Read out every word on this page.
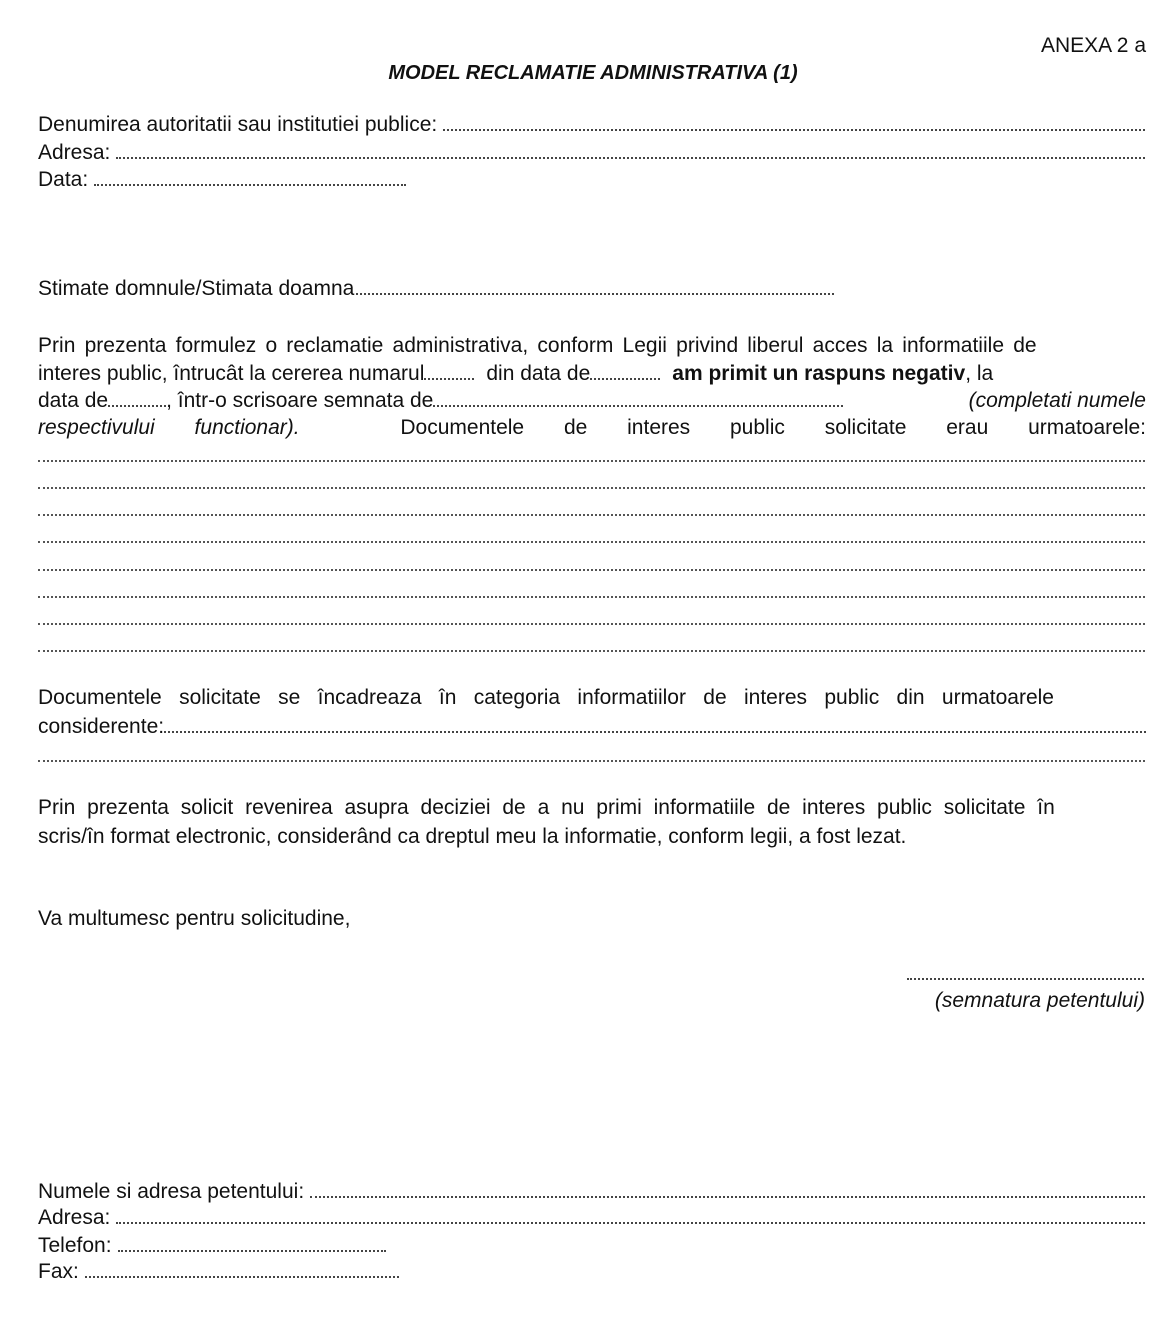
ANEXA 2 a
MODEL RECLAMATIE ADMINISTRATIVA (1)
Denumirea autoritatii sau institutiei publice:
Adresa:
Data:
Stimate domnule/Stimata doamna
Prin prezenta formulez o reclamatie administrativa, conform Legii privind liberul acces la informatiile de
interes public, întrucât la cererea numarul	din data de	am primit un raspuns negativ , la
data de	, într-o scrisoare semnata de	(completati numele
respectivului functionar).	Documentele de interes public solicitate erau urmatoarele:
Documentele solicitate se încadreaza în categoria informatiilor de interes public din urmatoarele
considerente:
Prin prezenta solicit revenirea asupra deciziei de a nu primi informatiile de interes public solicitate în
scris/în format electronic, considerând ca dreptul meu la informatie, conform legii, a fost lezat.
Va multumesc pentru solicitudine,
(semnatura petentului)
Numele si adresa petentului:
Adresa:
Telefon:
Fax:
